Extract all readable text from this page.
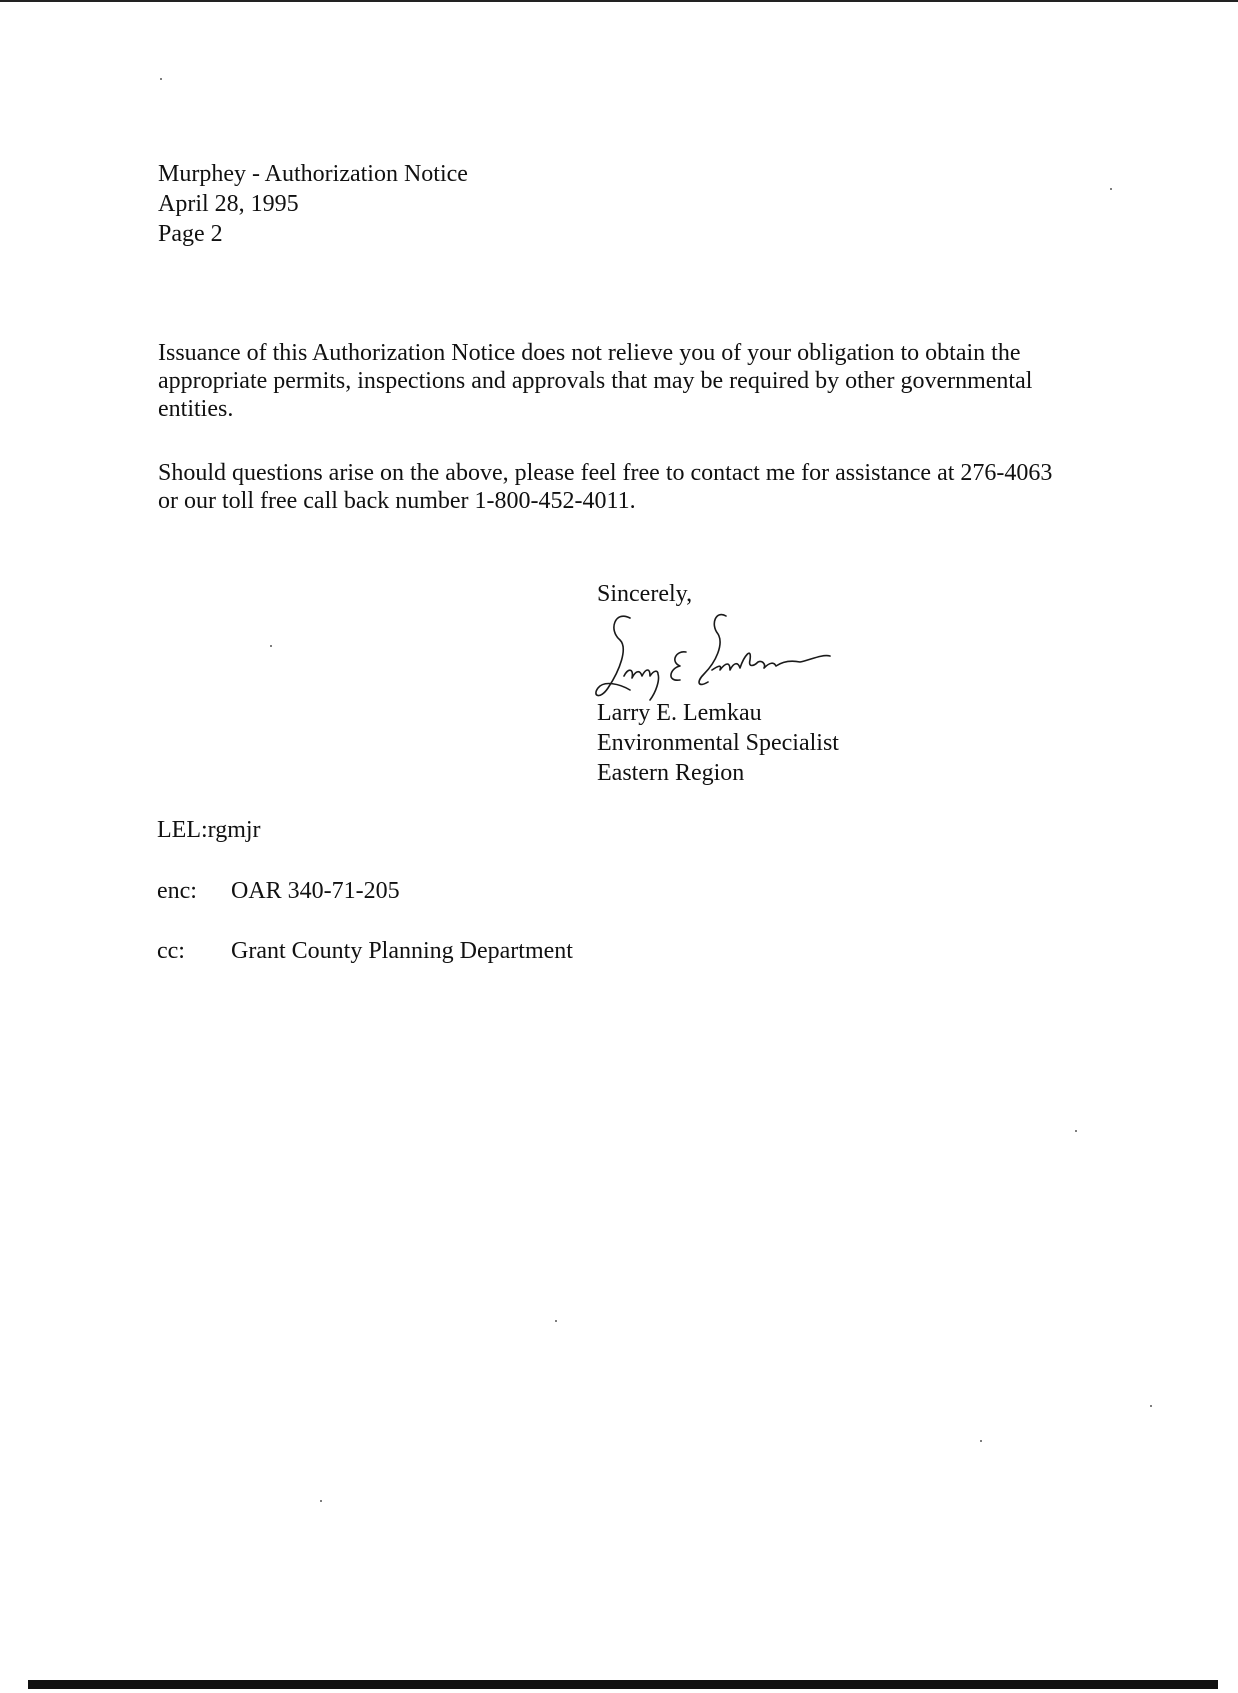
Murphey - Authorization Notice
April 28, 1995
Page 2
Issuance of this Authorization Notice does not relieve you of your obligation to obtain the
appropriate permits, inspections and approvals that may be required by other governmental
entities.
Should questions arise on the above, please feel free to contact me for assistance at 276-4063
or our toll free call back number 1-800-452-4011.
Sincerely,
Larry E. Lemkau
Environmental Specialist
Eastern Region
LEL:rgmjr
enc: OAR 340-71-205
cc: Grant County Planning Department
